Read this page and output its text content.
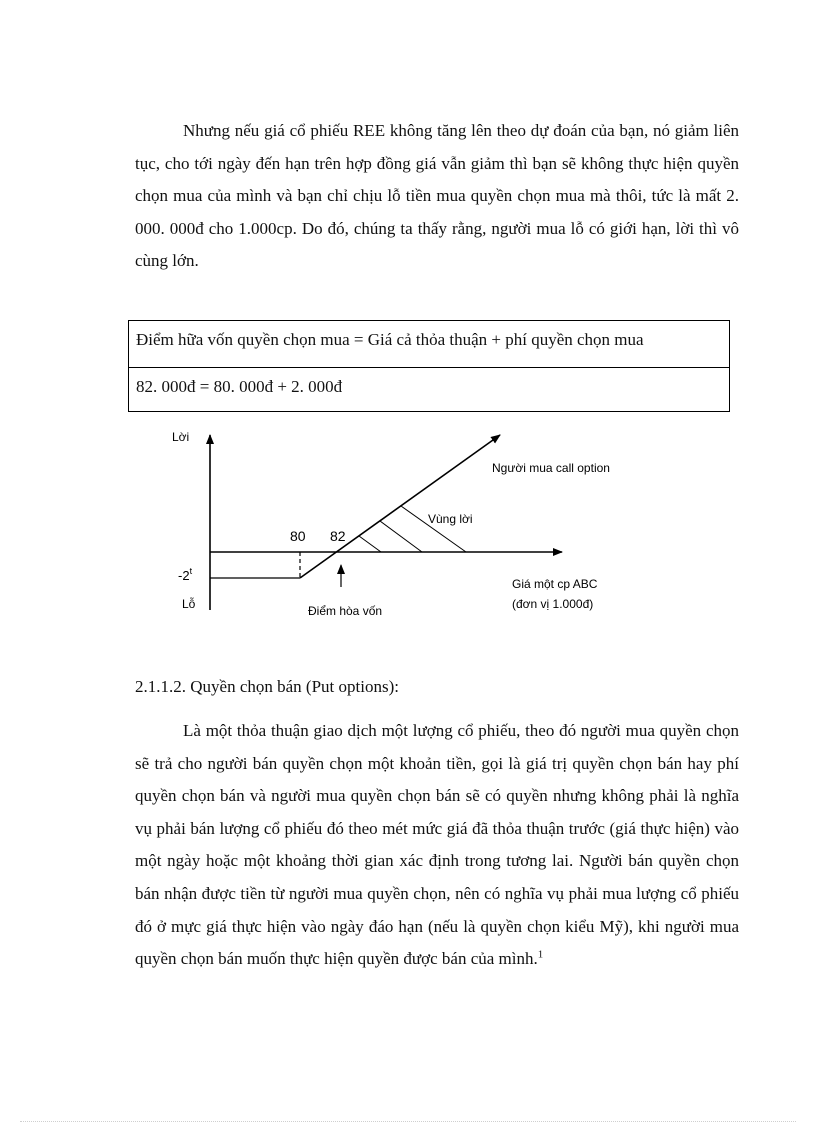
Nhưng nếu giá cổ phiếu REE không tăng lên theo dự đoán của bạn, nó giảm liên tục, cho tới ngày đến hạn trên hợp đồng giá vẫn giảm thì bạn sẽ không thực hiện quyền chọn mua của mình và bạn chỉ chịu lỗ tiền mua quyền chọn mua mà thôi, tức là mất 2. 000. 000đ cho 1.000cp. Do đó, chúng ta thấy rằng, người mua lỗ có giới hạn, lời thì vô cùng lớn.

Điểm hữa vốn quyền chọn mua = Giá cả thỏa thuận + phí quyền chọn mua
82. 000đ = 80. 000đ + 2. 000đ
Lời
Lỗ
80 82
-2$^t$
Người mua call option
Vùng lời
Giá một cp ABC
(đơn vị 1.000đ)
Điểm hòa vốn

2.1.1.2. Quyền chọn bán (Put options):

Là một thỏa thuận giao dịch một lượng cổ phiếu, theo đó người mua quyền chọn sẽ trả cho người bán quyền chọn một khoản tiền, gọi là giá trị quyền chọn bán hay phí quyền chọn bán và người mua quyền chọn bán sẽ có quyền nhưng không phải là nghĩa vụ phải bán lượng cổ phiếu đó theo mét mức giá đã thỏa thuận trước (giá thực hiện) vào một ngày hoặc một khoảng thời gian xác định trong tương lai. Người bán quyền chọn bán nhận được tiền từ người mua quyền chọn, nên có nghĩa vụ phải mua lượng cổ phiếu đó ở mực giá thực hiện vào ngày đáo hạn (nếu là quyền chọn kiểu Mỹ), khi người mua quyền chọn bán muốn thực hiện quyền được bán của mình.$^1$
